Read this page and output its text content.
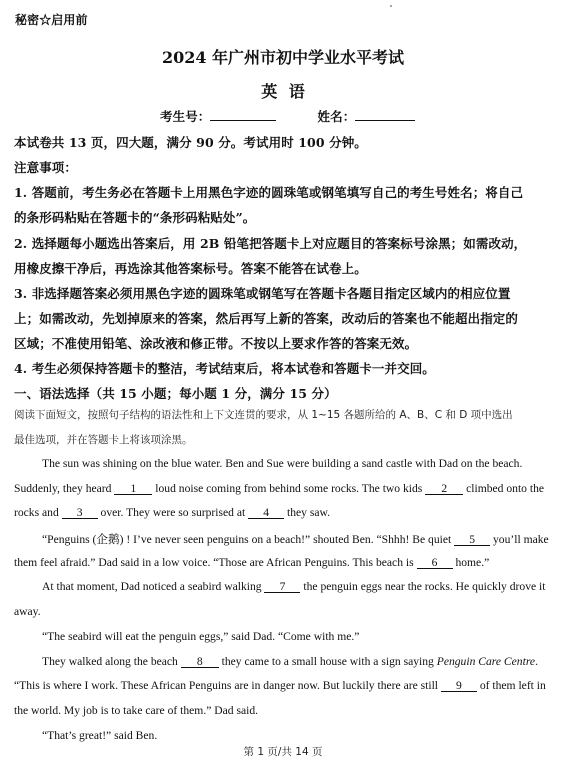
秘密☆启用前
2024 年广州市初中学业水平考试
英 语
考生号：	姓名：
本试卷共 13 页，四大题，满分 90 分。考试用时 100 分钟。
注意事项：
1. 答题前，考生务必在答题卡上用黑色字迹的圆珠笔或钢笔填写自己的考生号姓名；将自己
的条形码粘贴在答题卡的“条形码粘贴处”。
2. 选择题每小题选出答案后，用 2B 铅笔把答题卡上对应题目的答案标号涂黑；如需改动，
用橡皮擦干净后，再选涂其他答案标号。答案不能答在试卷上。
3. 非选择题答案必须用黑色字迹的圆珠笔或钢笔写在答题卡各题目指定区域内的相应位置
上；如需改动，先划掉原来的答案，然后再写上新的答案，改动后的答案也不能超出指定的
区域；不准使用铅笔、涂改液和修正带。不按以上要求作答的答案无效。
4. 考生必须保持答题卡的整洁，考试结束后，将本试卷和答题卡一并交回。
一、语法选择（共 15 小题；每小题 1 分，满分 15 分）
阅读下面短文，按照句子结构的语法性和上下文连贯的要求，从 1~15 各题所给的 A、B、C 和 D 项中选出
最佳选项，并在答题卡上将该项涂黑。
The sun was shining on the blue water. Ben and Sue were building a sand castle with Dad on the beach.
Suddenly, they heard 1 loud noise coming from behind some rocks. The two kids 2 climbed onto the
rocks and 3 over. They were so surprised at 4 they saw.
“Penguins (企鹅) ! I’ve never seen penguins on a beach!” shouted Ben. “Shhh! Be quiet 5 you’ll make
them feel afraid.” Dad said in a low voice. “Those are African Penguins. This beach is 6 home.”
At that moment, Dad noticed a seabird walking 7 the penguin eggs near the rocks. He quickly drove it
away.
“The seabird will eat the penguin eggs,” said Dad. “Come with me.”
They walked along the beach 8 they came to a small house with a sign saying Penguin Care Centre.
“This is where I work. These African Penguins are in danger now. But luckily there are still 9 of them left in
the world. My job is to take care of them.” Dad said.
“That’s great!” said Ben.
第 1 页/共 14 页
